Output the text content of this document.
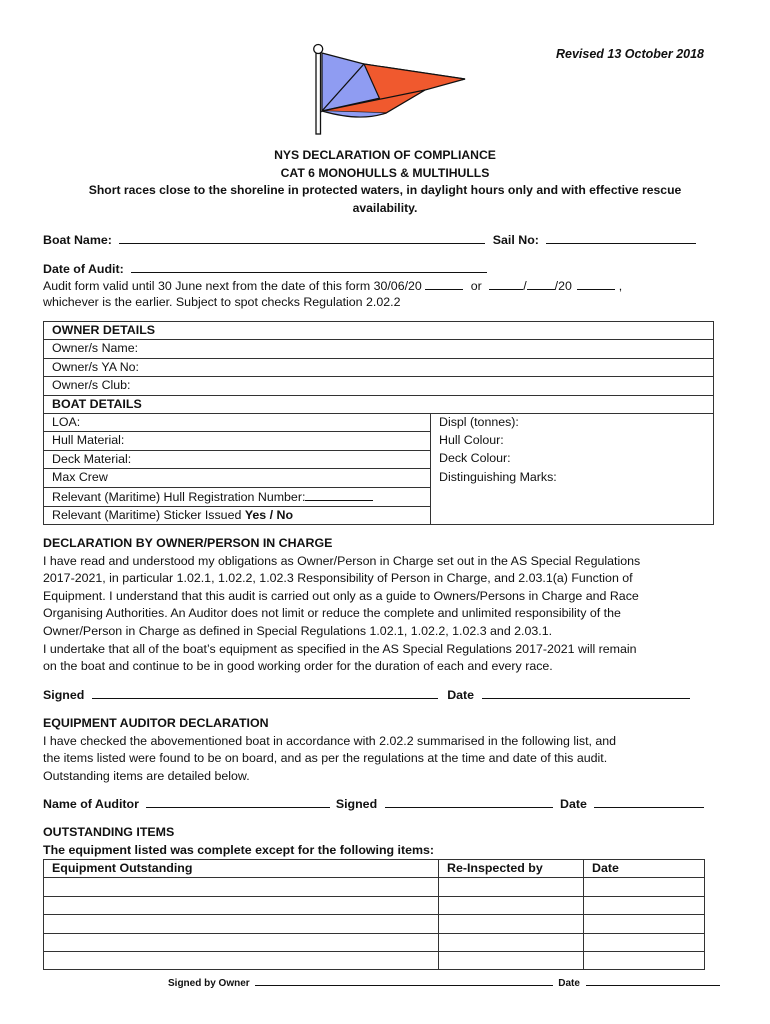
Revised 13 October 2018
NYS DECLARATION OF COMPLIANCE
CAT 6 MONOHULLS & MULTIHULLS
Short races close to the shoreline in protected waters, in daylight hours only and with effective rescue
availability.
Boat Name:	Sail No:
Date of Audit:
Audit form valid until 30 June next from the date of this form 30/06/20	or	/ /20	,
whichever is the earlier. Subject to spot checks Regulation 2.02.2
OWNER DETAILS	
Owner/s Name:	
Owner/s YA No:	
Owner/s Club:	
BOAT DETAILS	
LOA:	Displ (tonnes):
Hull Material:	Hull Colour:
Deck Material:	Deck Colour:
Max Crew	Distinguishing Marks:
Relevant (Maritime) Hull Registration Number:	
Relevant (Maritime) Sticker Issued Yes / No	
DECLARATION BY OWNER/PERSON IN CHARGE
I have read and understood my obligations as Owner/Person in Charge set out in the AS Special Regulations
2017-2021, in particular 1.02.1, 1.02.2, 1.02.3 Responsibility of Person in Charge, and 2.03.1(a) Function of
Equipment. I understand that this audit is carried out only as a guide to Owners/Persons in Charge and Race
Organising Authorities. An Auditor does not limit or reduce the complete and unlimited responsibility of the
Owner/Person in Charge as defined in Special Regulations 1.02.1, 1.02.2, 1.02.3 and 2.03.1.
I undertake that all of the boat’s equipment as specified in the AS Special Regulations 2017-2021 will remain
on the boat and continue to be in good working order for the duration of each and every race.
Signed	Date
EQUIPMENT AUDITOR DECLARATION
I have checked the abovementioned boat in accordance with 2.02.2 summarised in the following list, and
the items listed were found to be on board, and as per the regulations at the time and date of this audit.
Outstanding items are detailed below.
Name of Auditor	Signed	Date
OUTSTANDING ITEMS
The equipment listed was complete except for the following items:
Equipment Outstanding	Re-Inspected by	Date

Signed by Owner	Date
